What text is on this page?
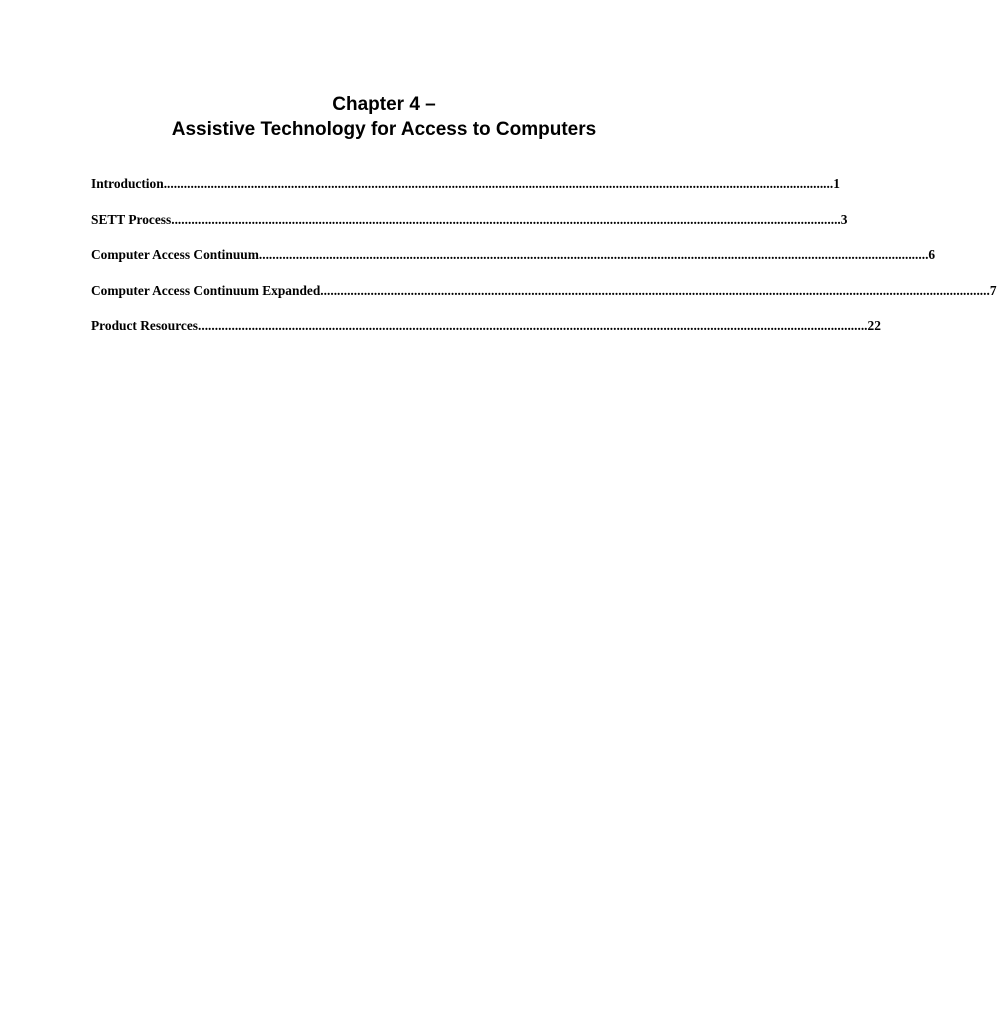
Chapter 4 –
Assistive Technology for Access to Computers
Introduction ........................................................................................................................................................................................................ 1
SETT Process ........................................................................................................................................................................................................ 3
Computer Access Continuum ........................................................................................................................................................................................................ 6
Computer Access Continuum Expanded ........................................................................................................................................................................................................ 7
Product Resources ........................................................................................................................................................................................................ 22
